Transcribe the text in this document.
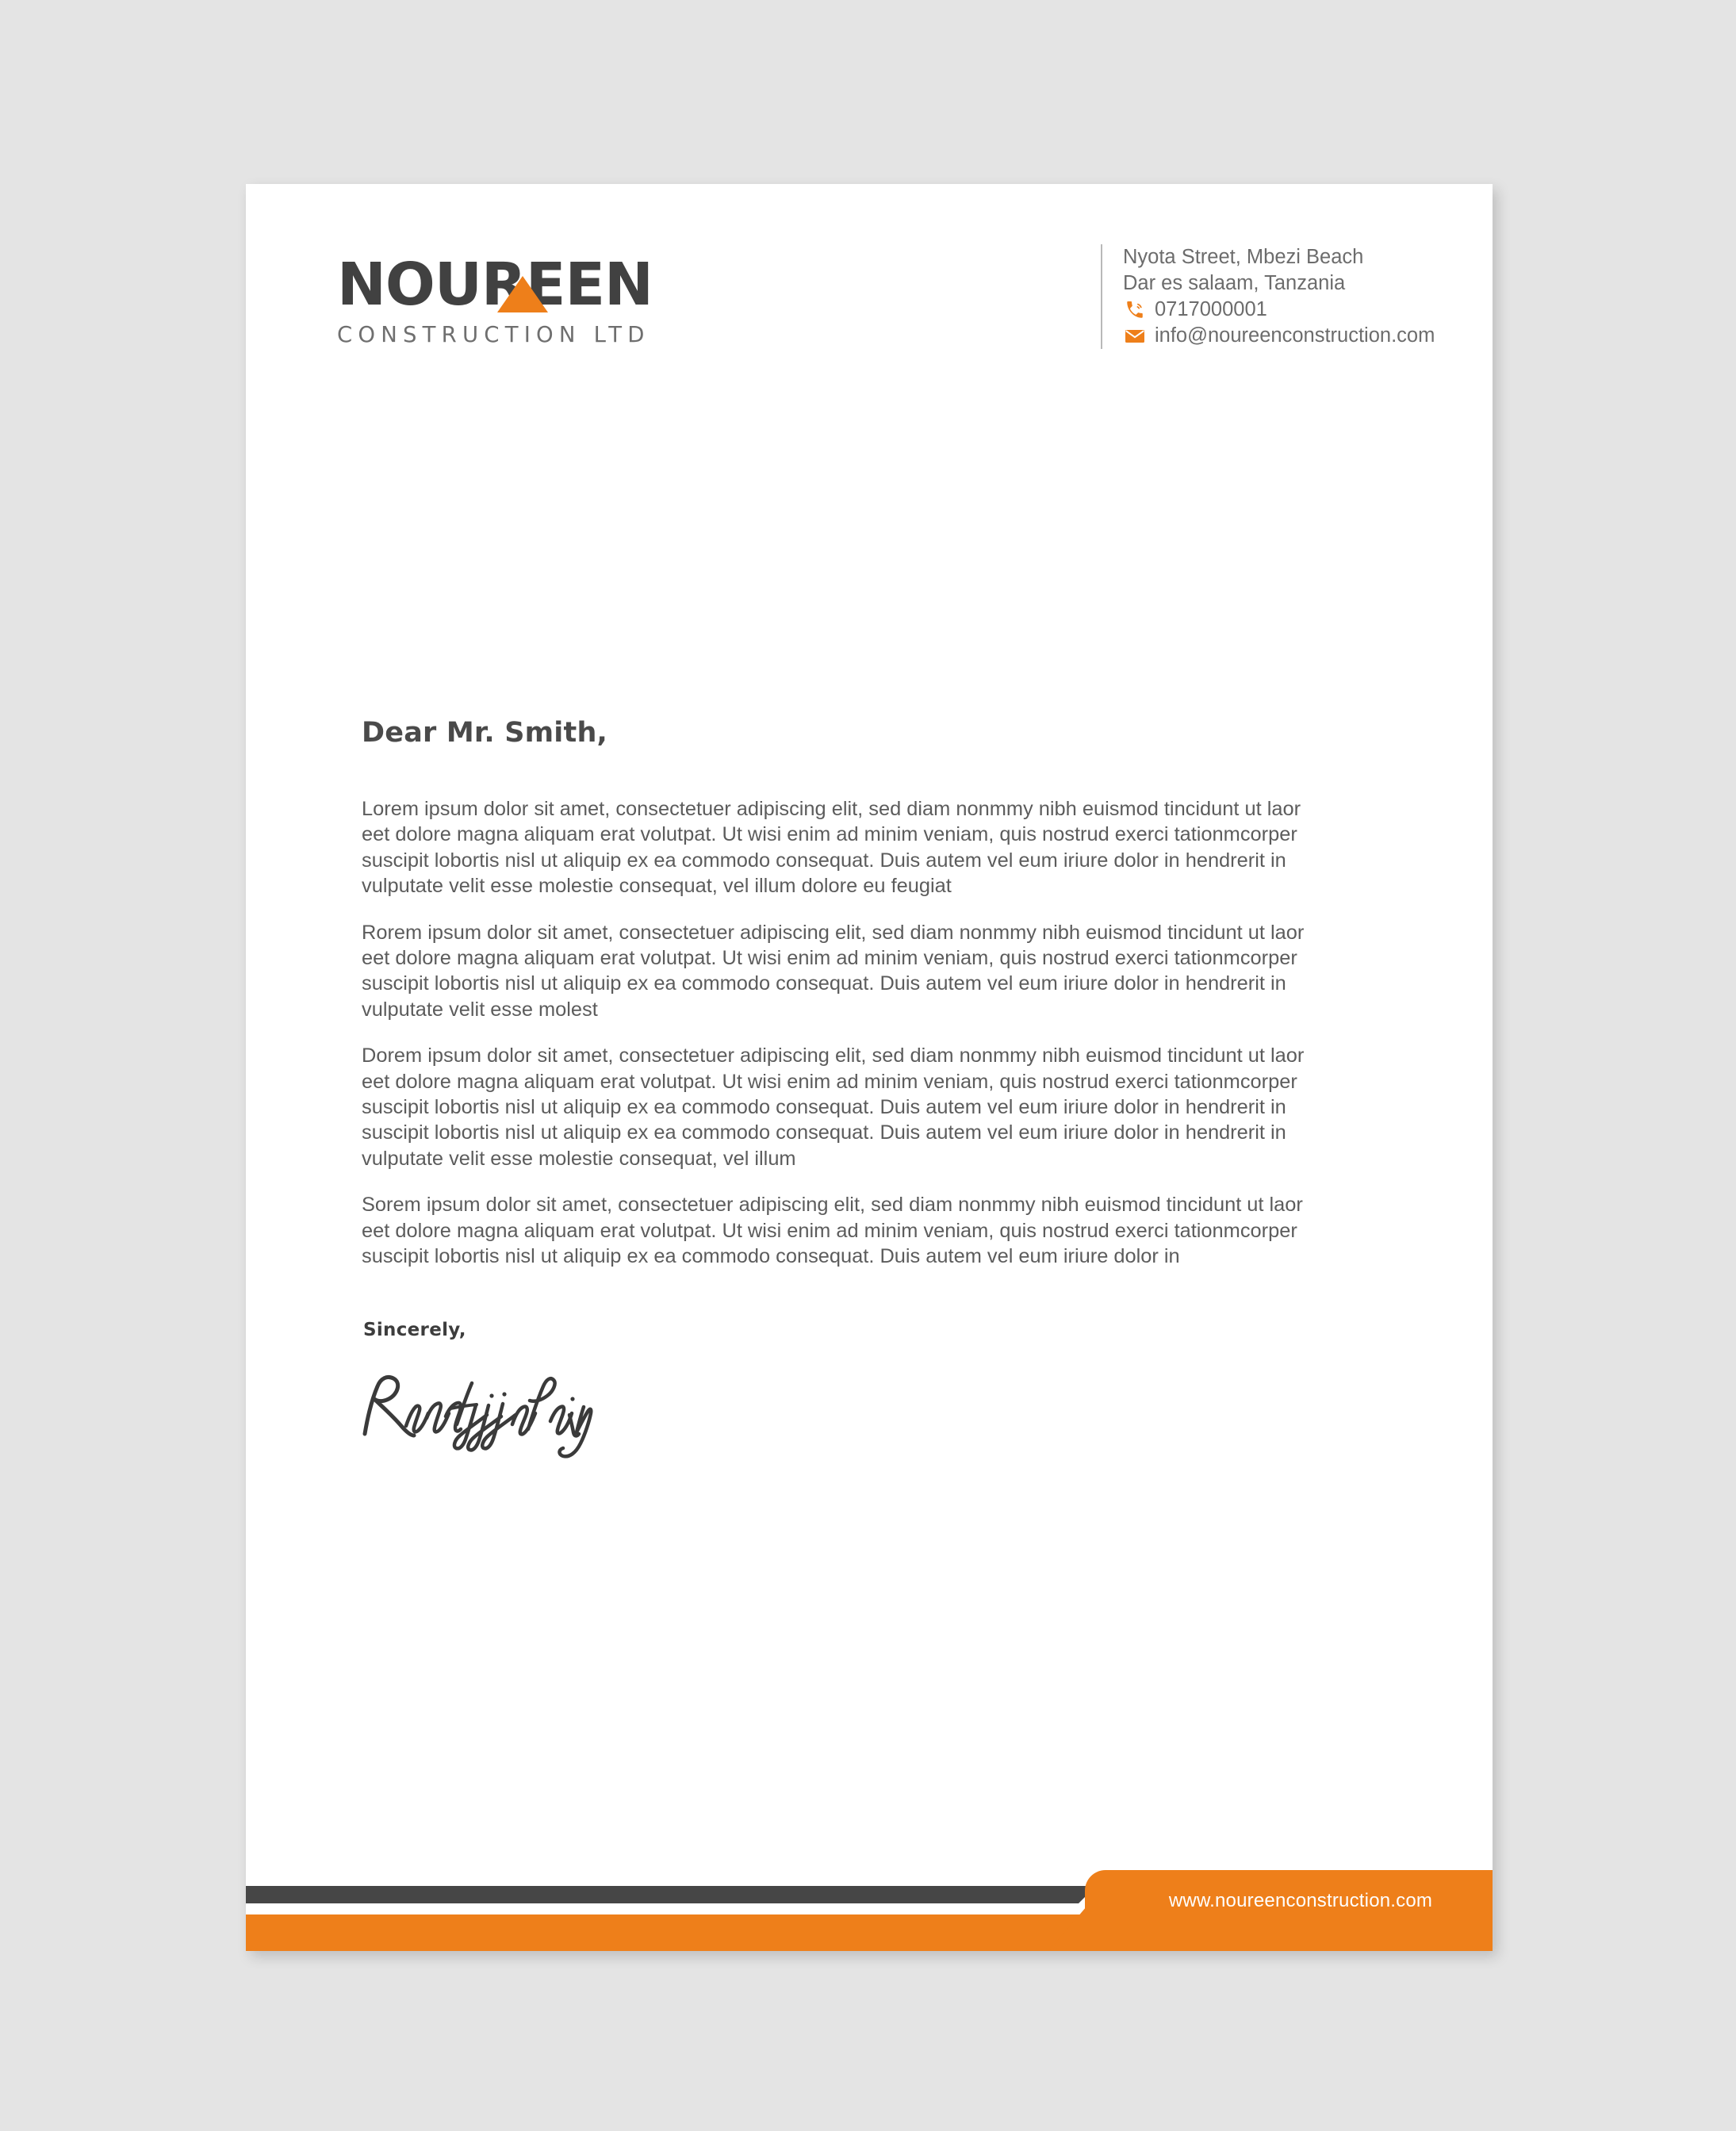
NOUREEN
CONSTRUCTION LTD
Nyota Street, Mbezi Beach
Dar es salaam, Tanzania
0717000001
info@noureenconstruction.com
Dear Mr. Smith,

Lorem ipsum dolor sit amet, consectetuer adipiscing elit, sed diam nonmmy nibh euismod tincidunt ut laor eet dolore magna aliquam erat volutpat. Ut wisi enim ad minim veniam, quis nostrud exerci tationmcorper suscipit lobortis nisl ut aliquip ex ea commodo consequat. Duis autem vel eum iriure dolor in hendrerit in vulputate velit esse molestie consequat, vel illum dolore eu feugiat

Rorem ipsum dolor sit amet, consectetuer adipiscing elit, sed diam nonmmy nibh euismod tincidunt ut laor eet dolore magna aliquam erat volutpat. Ut wisi enim ad minim veniam, quis nostrud exerci tationmcorper suscipit lobortis nisl ut aliquip ex ea commodo consequat. Duis autem vel eum iriure dolor in hendrerit in vulputate velit esse molest

Dorem ipsum dolor sit amet, consectetuer adipiscing elit, sed diam nonmmy nibh euismod tincidunt ut laor eet dolore magna aliquam erat volutpat. Ut wisi enim ad minim veniam, quis nostrud exerci tationmcorper suscipit lobortis nisl ut aliquip ex ea commodo consequat. Duis autem vel eum iriure dolor in hendrerit in suscipit lobortis nisl ut aliquip ex ea commodo consequat. Duis autem vel eum iriure dolor in hendrerit in vulputate velit esse molestie consequat, vel illum

Sorem ipsum dolor sit amet, consectetuer adipiscing elit, sed diam nonmmy nibh euismod tincidunt ut laor eet dolore magna aliquam erat volutpat. Ut wisi enim ad minim veniam, quis nostrud exerci tationmcorper suscipit lobortis nisl ut aliquip ex ea commodo consequat. Duis autem vel eum iriure dolor in

Sincerely,
www.noureenconstruction.com
